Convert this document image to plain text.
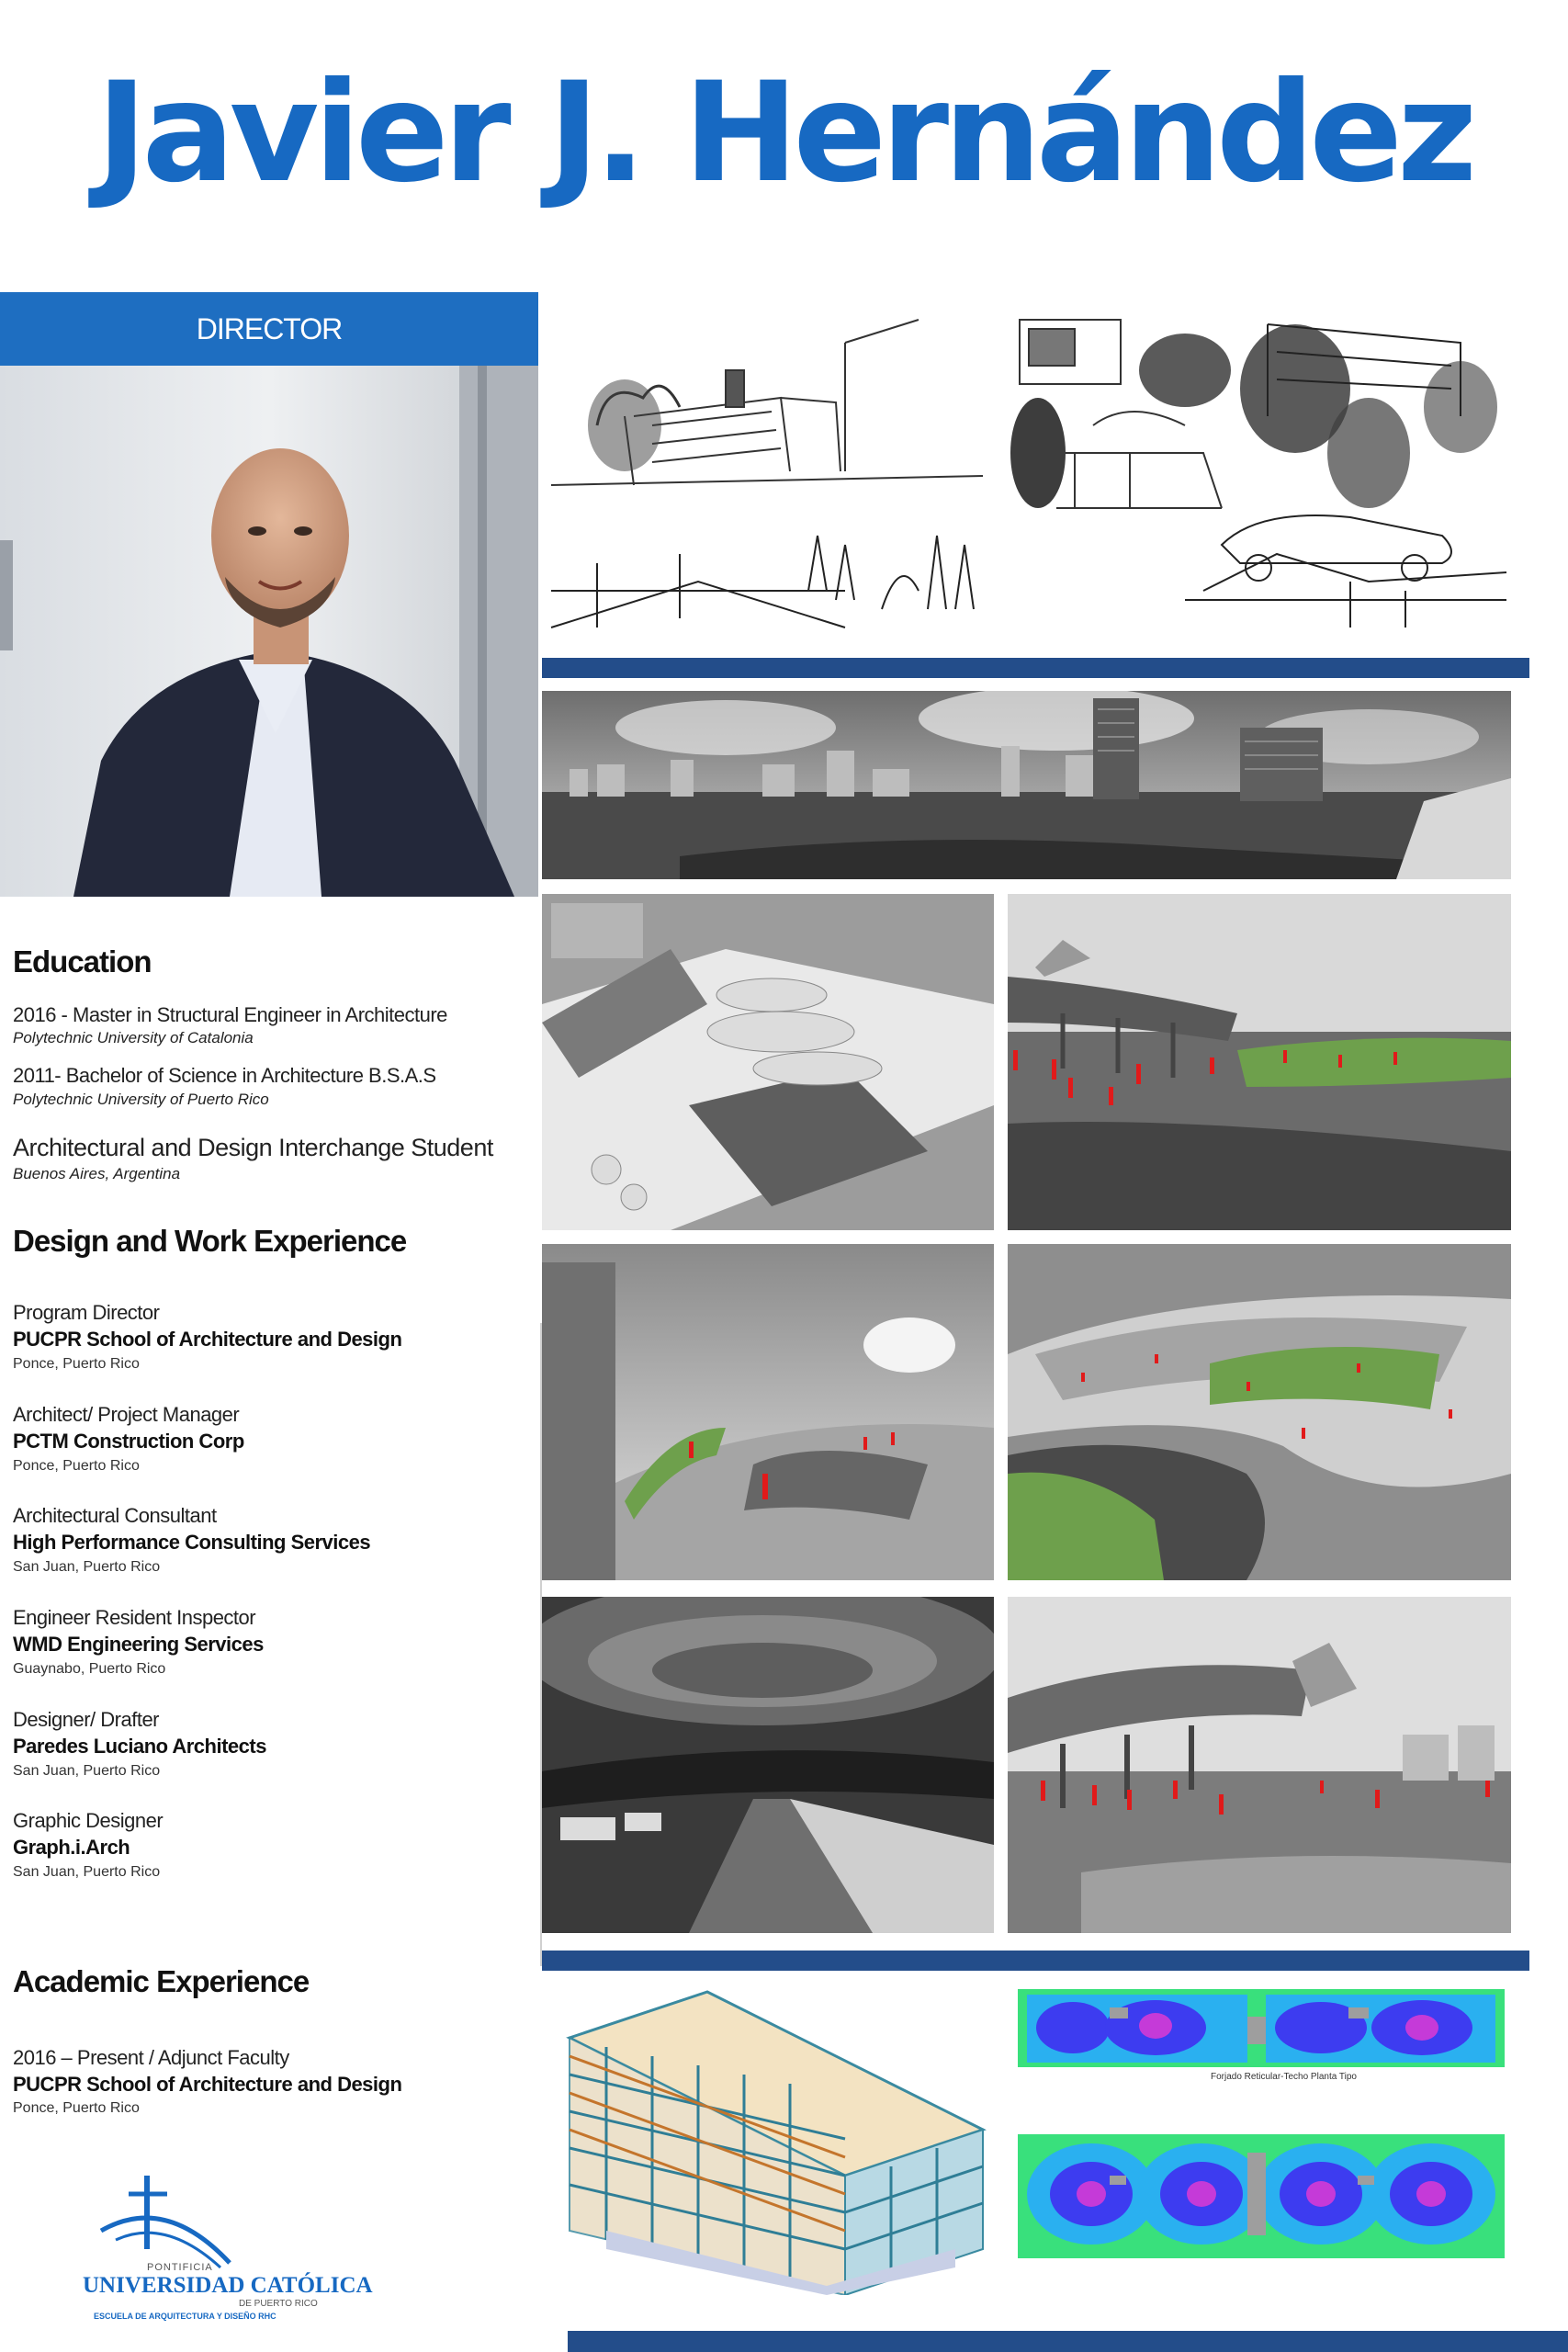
Javier J. Hernández
DIRECTOR
Education
2016 - Master in Structural Engineer in Architecture
Polytechnic University of Catalonia
2011- Bachelor of Science in Architecture B.S.A.S
Polytechnic University of Puerto Rico
Architectural and Design Interchange Student
Buenos Aires, Argentina
Design and Work Experience
Program Director
PUCPR School of Architecture and Design
Ponce, Puerto Rico
Architect/ Project Manager
PCTM Construction Corp
Ponce, Puerto Rico
Architectural Consultant
High Performance Consulting Services
San Juan, Puerto Rico
Engineer Resident Inspector
WMD Engineering Services
Guaynabo, Puerto Rico
Designer/ Drafter
Paredes Luciano Architects
San Juan, Puerto Rico
Graphic Designer
Graph.i.Arch
San Juan, Puerto Rico
Academic Experience
2016 – Present / Adjunct Faculty
PUCPR School of Architecture and Design
Ponce, Puerto Rico
PONTIFICIA
UNIVERSIDAD CATÓLICA
DE PUERTO RICO
ESCUELA DE ARQUITECTURA Y DISEÑO RHC
Forjado Reticular-Techo Planta Tipo
